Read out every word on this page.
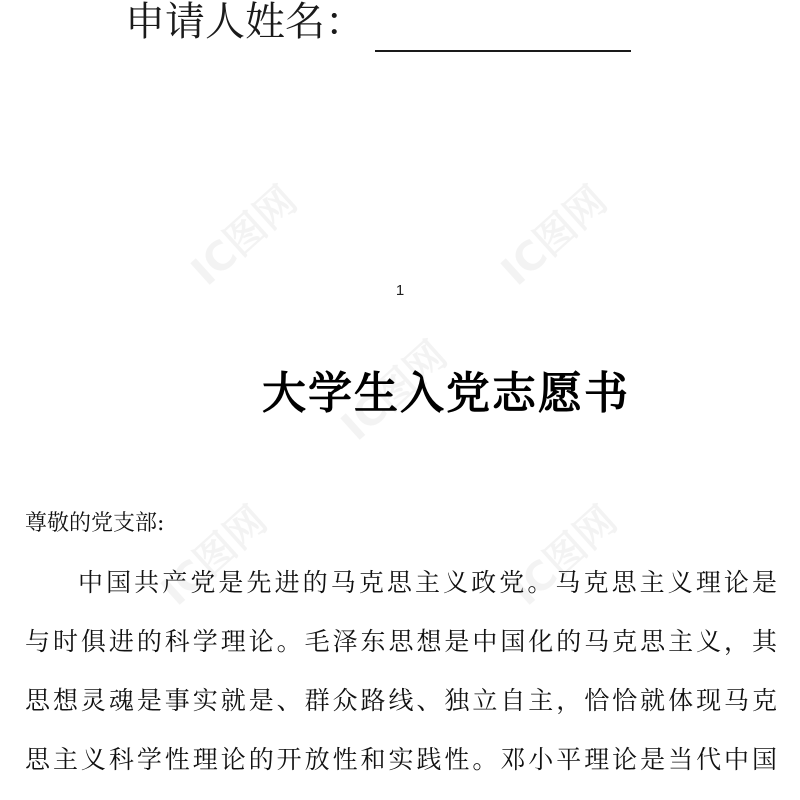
申请人姓名：
1
大学生入党志愿书
尊敬的党支部:
中国共产党是先进的马克思主义政党。马克思主义理论是
与时俱进的科学理论。毛泽东思想是中国化的马克思主义，其
思想灵魂是事实就是、群众路线、独立自主，恰恰就体现马克
思主义科学性理论的开放性和实践性。邓小平理论是当代中国
